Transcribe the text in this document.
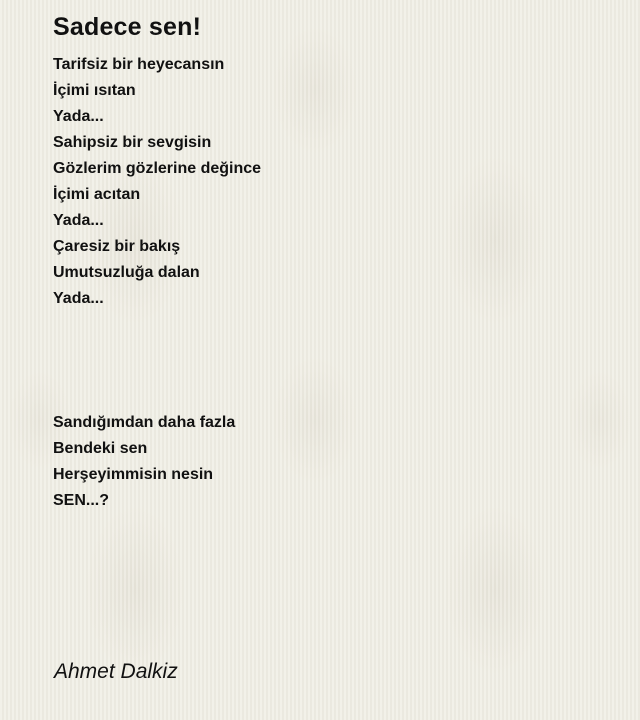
Sadece sen!
Tarifsiz bir heyecansın
İçimi ısıtan
Yada...
Sahipsiz bir sevgisin
Gözlerim gözlerine değince
İçimi acıtan
Yada...
Çaresiz bir bakış
Umutsuzluğa dalan
Yada...
Sandığımdan daha fazla
Bendeki sen
Herşeyimmisin nesin
SEN...?
Ahmet Dalkiz
